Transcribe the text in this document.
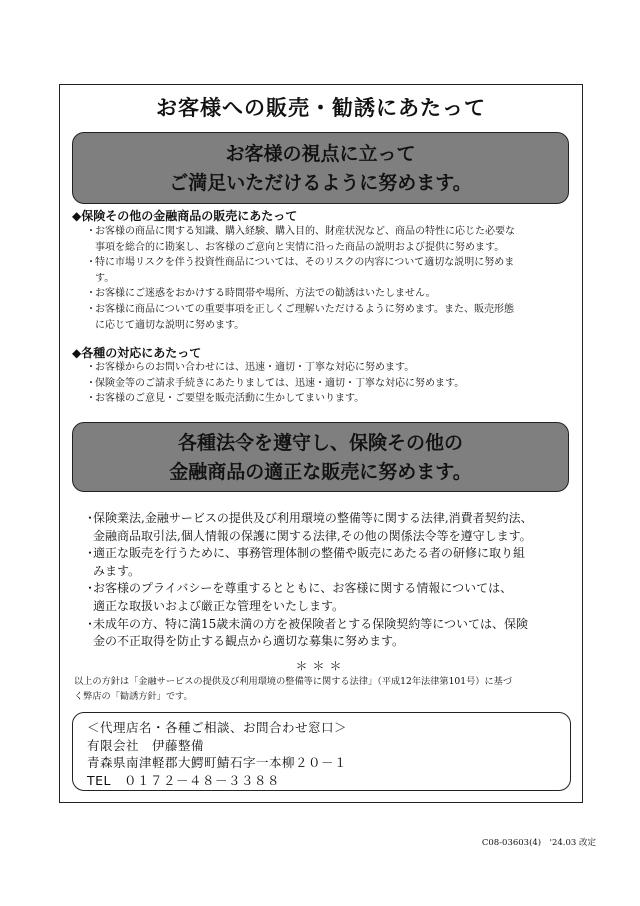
お客様への販売・勧誘にあたって
お客様の視点に立って
ご満足いただけるように努めます。
◆保険その他の金融商品の販売にあたって
・ お客様の商品に関する知識、購入経験、購入目的、財産状況など、商品の特性に応じた必要な
事項を総合的に勘案し、お客様のご意向と実情に沿った商品の説明および提供に努めます。
・ 特に市場リスクを伴う投資性商品については、そのリスクの内容について適切な説明に努めま
す。
・ お客様にご迷惑をおかけする時間帯や場所、方法での勧誘はいたしません。
・ お客様に商品についての重要事項を正しくご理解いただけるように努めます。また、販売形態
に応じて適切な説明に努めます。
◆各種の対応にあたって
・ お客様からのお問い合わせには、迅速・適切・丁寧な対応に努めます。
・ 保険金等のご請求手続きにあたりましては、迅速・適切・丁寧な対応に努めます。
・ お客様のご意見・ご要望を販売活動に生かしてまいります。
各種法令を遵守し、保険その他の
金融商品の適正な販売に努めます。
・
保険業法,金融サービスの提供及び利用環境の整備等に関する法律,消費者契約法、
金融商品取引法,個人情報の保護に関する法律,その他の関係法令等を遵守します。
・
適正な販売を行うために、事務管理体制の整備や販売にあたる者の研修に取り組
みます。
・
お客様のプライバシーを尊重するとともに、お客様に関する情報については、
適正な取扱いおよび厳正な管理をいたします。
・
未成年の方、特に満15歳未満の方を被保険者とする保険契約等については、保険
金の不正取得を防止する観点から適切な募集に努めます。
＊＊＊
以上の方針は「金融サービスの提供及び利用環境の整備等に関する法律」（平成12年法律第101号）に基づ
く弊店の「勧誘方針」です。
＜代理店名・各種ご相談、お問合わせ窓口＞
有限会社　伊藤整備
青森県南津軽郡大鰐町鯖石字一本柳２０－１
TEL　０１７２－４８－３３８８
C08-03603(4)　'24.03 改定
